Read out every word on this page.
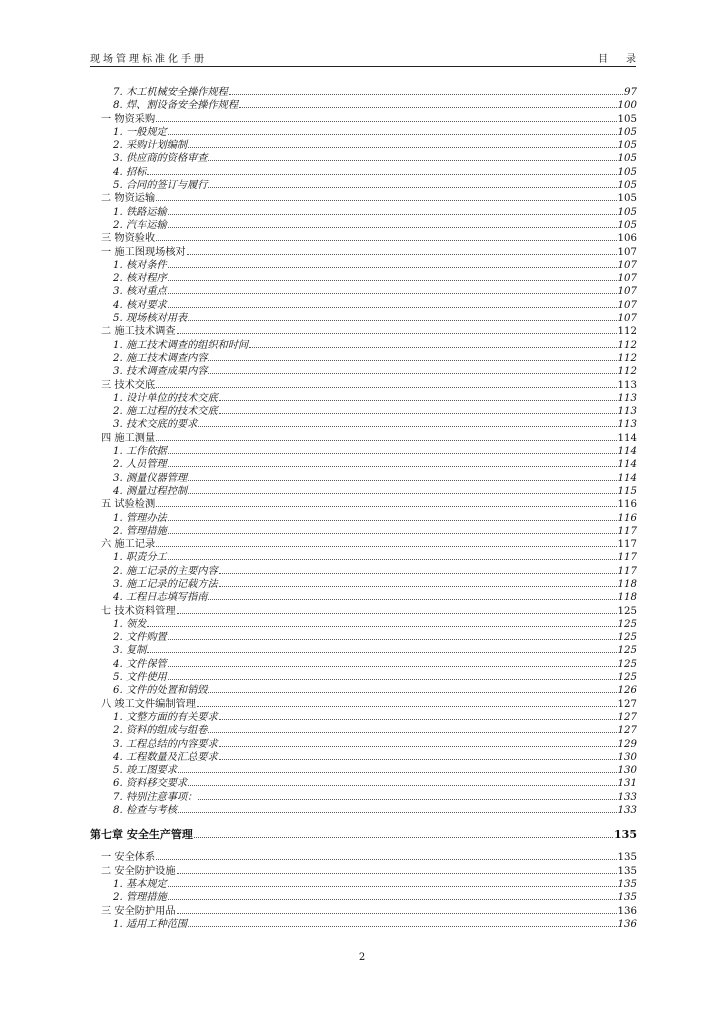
现场管理标准化手册	目录
7. 木工机械安全操作规程	97
8. 焊、割设备安全操作规程	100
一 物资采购	105
1. 一般规定	105
2. 采购计划编制	105
3. 供应商的资格审查	105
4. 招标	105
5. 合同的签订与履行	105
二 物资运输	105
1. 铁路运输	105
2. 汽车运输	105
三 物资验收	106
一 施工图现场核对	107
1. 核对条件	107
2. 核对程序	107
3. 核对重点	107
4. 核对要求	107
5. 现场核对用表	107
二 施工技术调查	112
1. 施工技术调查的组织和时间	112
2. 施工技术调查内容	112
3. 技术调查成果内容	112
三 技术交底	113
1. 设计单位的技术交底	113
2. 施工过程的技术交底	113
3. 技术交底的要求	113
四 施工测量	114
1. 工作依据	114
2. 人员管理	114
3. 测量仪器管理	114
4. 测量过程控制	115
五 试验检测	116
1. 管理办法	116
2. 管理措施	117
六 施工记录	117
1. 职责分工	117
2. 施工记录的主要内容	117
3. 施工记录的记载方法	118
4. 工程日志填写指南	118
七 技术资料管理	125
1. 领发	125
2. 文件购置	125
3. 复制	125
4. 文件保管	125
5. 文件使用	125
6. 文件的处置和销毁	126
八 竣工文件编制管理	127
1. 文整方面的有关要求	127
2. 资料的组成与组卷	127
3. 工程总结的内容要求	129
4. 工程数量及汇总要求	130
5. 竣工图要求	130
6. 资料移交要求	131
7. 特别注意事项：	133
8. 检查与考核	133
第七章 安全生产管理	135
一 安全体系	135
二 安全防护设施	135
1. 基本规定	135
2. 管理措施	135
三 安全防护用品	136
1. 适用工种范围	136
2
